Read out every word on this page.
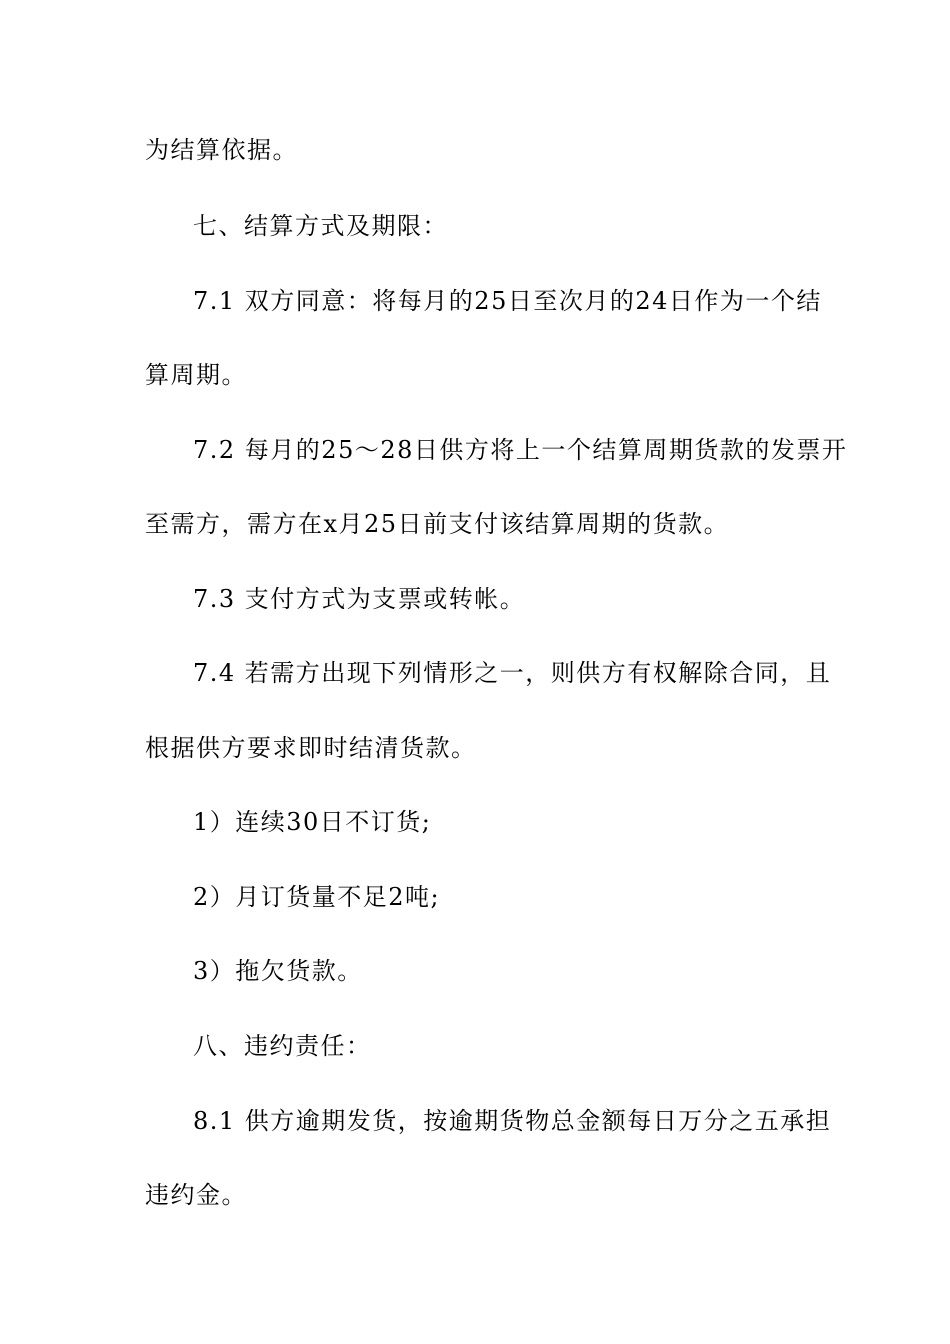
为结算依据。
七、结算方式及期限：
7.1 双方同意：将每月的25日至次月的24日作为一个结
算周期。
7.2 每月的25～28日供方将上一个结算周期货款的发票开
至需方，需方在x月25日前支付该结算周期的货款。
7.3 支付方式为支票或转帐。
7.4 若需方出现下列情形之一，则供方有权解除合同，且
根据供方要求即时结清货款。
1）连续30日不订货;
2）月订货量不足2吨;
3）拖欠货款。
八、违约责任：
8.1 供方逾期发货，按逾期货物总金额每日万分之五承担
违约金。
